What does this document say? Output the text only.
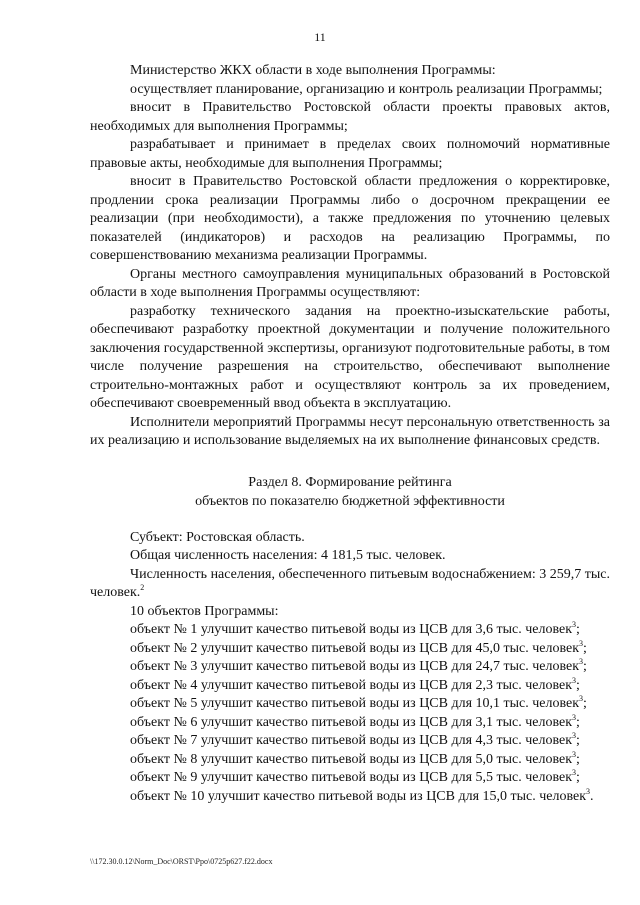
11

Министерство ЖКХ области в ходе выполнения Программы:

осуществляет планирование, организацию и контроль реализации Программы;

вносит в Правительство Ростовской области проекты правовых актов, необходимых для выполнения Программы;

разрабатывает и принимает в пределах своих полномочий нормативные правовые акты, необходимые для выполнения Программы;

вносит в Правительство Ростовской области предложения о корректировке, продлении срока реализации Программы либо о досрочном прекращении ее реализации (при необходимости), а также предложения по уточнению целевых показателей (индикаторов) и расходов на реализацию Программы, по совершенствованию механизма реализации Программы.

Органы местного самоуправления муниципальных образований в Ростовской области в ходе выполнения Программы осуществляют:

разработку технического задания на проектно-изыскательские работы, обеспечивают разработку проектной документации и получение положительного заключения государственной экспертизы, организуют подготовительные работы, в том числе получение разрешения на строительство, обеспечивают выполнение строительно-монтажных работ и осуществляют контроль за их проведением, обеспечивают своевременный ввод объекта в эксплуатацию.

Исполнители мероприятий Программы несут персональную ответственность за их реализацию и использование выделяемых на их выполнение финансовых средств.

Раздел 8. Формирование рейтинга
объектов по показателю бюджетной эффективности

Субъект: Ростовская область.

Общая численность населения: 4 181,5 тыс. человек.

Численность населения, обеспеченного питьевым водоснабжением: 3 259,7 тыс. человек.$^2$

10 объектов Программы:

объект № 1 улучшит качество питьевой воды из ЦСВ для 3,6 тыс. человек$^3$;

объект № 2 улучшит качество питьевой воды из ЦСВ для 45,0 тыс. человек$^3$;

объект № 3 улучшит качество питьевой воды из ЦСВ для 24,7 тыс. человек$^3$;

объект № 4 улучшит качество питьевой воды из ЦСВ для 2,3 тыс. человек$^3$;

объект № 5 улучшит качество питьевой воды из ЦСВ для 10,1 тыс. человек$^3$;

объект № 6 улучшит качество питьевой воды из ЦСВ для 3,1 тыс. человек$^3$;

объект № 7 улучшит качество питьевой воды из ЦСВ для 4,3 тыс. человек$^3$;

объект № 8 улучшит качество питьевой воды из ЦСВ для 5,0 тыс. человек$^3$;

объект № 9 улучшит качество питьевой воды из ЦСВ для 5,5 тыс. человек$^3$;

объект № 10 улучшит качество питьевой воды из ЦСВ для 15,0 тыс. человек$^3$.

\\172.30.0.12\Norm_Doc\ORST\Ppo\0725p627.f22.docx
